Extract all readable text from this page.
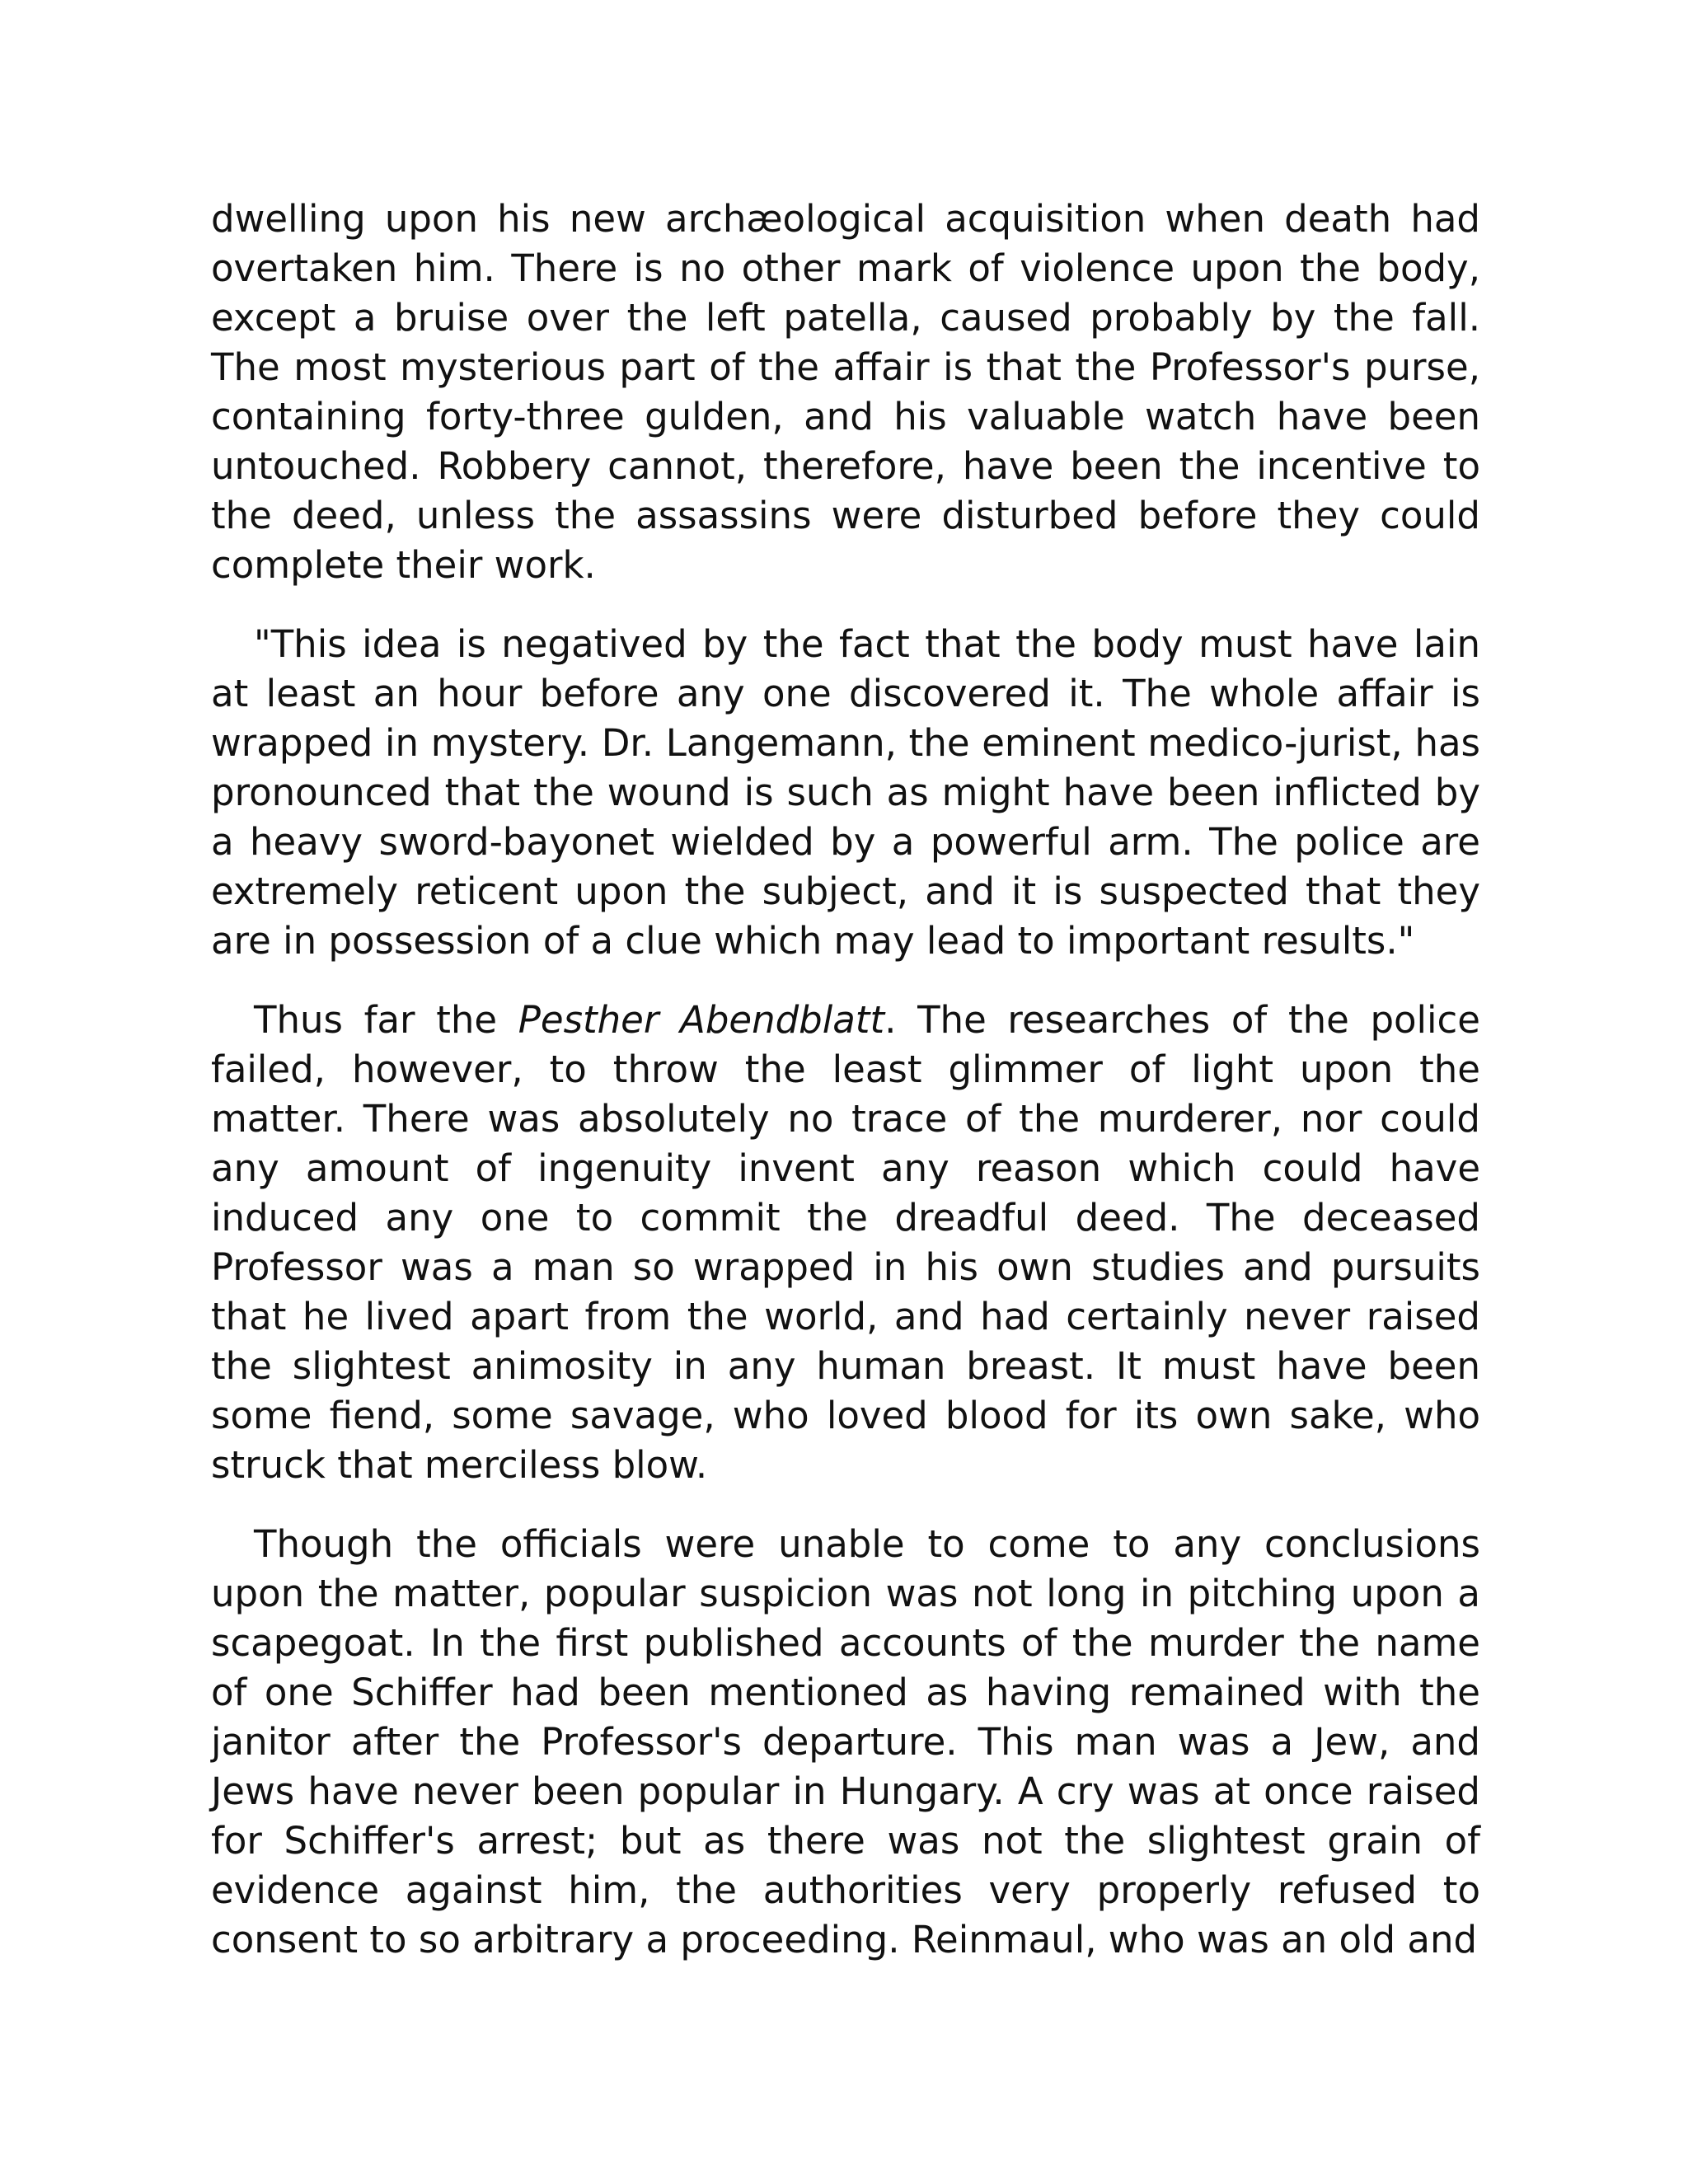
dwelling upon his new archæological acquisition when death had overtaken him. There is no other mark of violence upon the body, except a bruise over the left patella, caused probably by the fall. The most mysterious part of the affair is that the Professor's purse, containing forty-three gulden, and his valuable watch have been untouched. Robbery cannot, therefore, have been the incentive to the deed, unless the assassins were disturbed before they could complete their work.

"This idea is negatived by the fact that the body must have lain at least an hour before any one discovered it. The whole affair is wrapped in mystery. Dr. Langemann, the eminent medico-jurist, has pronounced that the wound is such as might have been inflicted by a heavy sword-bayonet wielded by a powerful arm. The police are extremely reticent upon the subject, and it is suspected that they are in possession of a clue which may lead to important results."

Thus far the Pesther Abendblatt. The researches of the police failed, however, to throw the least glimmer of light upon the matter. There was absolutely no trace of the murderer, nor could any amount of ingenuity invent any reason which could have induced any one to commit the dreadful deed. The deceased Professor was a man so wrapped in his own studies and pursuits that he lived apart from the world, and had certainly never raised the slightest animosity in any human breast. It must have been some fiend, some savage, who loved blood for its own sake, who struck that merciless blow.

Though the officials were unable to come to any conclusions upon the matter, popular suspicion was not long in pitching upon a scapegoat. In the first published accounts of the murder the name of one Schiffer had been mentioned as having remained with the janitor after the Professor's departure. This man was a Jew, and Jews have never been popular in Hungary. A cry was at once raised for Schiffer's arrest; but as there was not the slightest grain of evidence against him, the authorities very properly refused to consent to so arbitrary a proceeding. Reinmaul, who was an old and
